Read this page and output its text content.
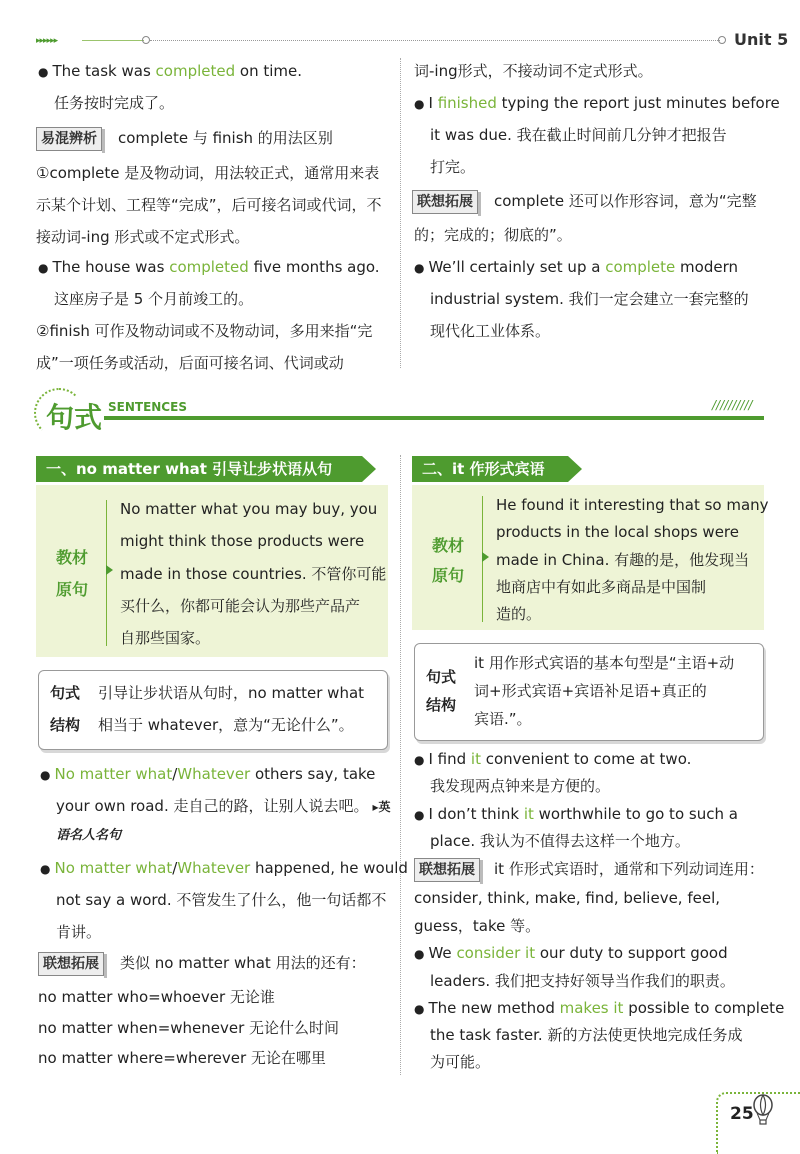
▸▸▸▸▸▸	Unit 5
● The task was completed on time.
任务按时完成了。
易混辨析	complete 与 finish 的用法区别
①complete 是及物动词，用法较正式，通常用来表
示某个计划、工程等“完成”，后可接名词或代词，不
接动词-ing 形式或不定式形式。
● The house was completed five months ago.
这座房子是 5 个月前竣工的。
②finish 可作及物动词或不及物动词，多用来指“完
成”一项任务或活动，后面可接名词、代词或动
词-ing形式，不接动词不定式形式。
● I finished typing the report just minutes before
it was due. 我在截止时间前几分钟才把报告
打完。
联想拓展	complete 还可以作形容词，意为“完整
的；完成的；彻底的”。
● We’ll certainly set up a complete modern
industrial system. 我们一定会建立一套完整的
现代化工业体系。
句式 SENTENCES	//////////
一、no matter what 引导让步状语从句
教材
原句
No matter what you may buy, you
might think those products were
made in those countries. 不管你可能
买什么，你都可能会认为那些产品产
自那些国家。
句式
结构
引导让步状语从句时，no matter what
相当于 whatever，意为“无论什么”。
● No matter what/Whatever others say, take
your own road. 走自己的路，让别人说去吧。 ▸英
语名人名句
● No matter what/Whatever happened, he would
not say a word. 不管发生了什么，他一句话都不
肯讲。
联想拓展	类似 no matter what 用法的还有：
no matter who=whoever 无论谁
no matter when=whenever 无论什么时间
no matter where=wherever 无论在哪里
二、it 作形式宾语
教材
原句
He found it interesting that so many
products in the local shops were
made in China. 有趣的是，他发现当
地商店中有如此多商品是中国制
造的。
句式
结构
it 用作形式宾语的基本句型是“主语+动
词+形式宾语+宾语补足语+真正的
宾语.”。
● I find it convenient to come at two.
我发现两点钟来是方便的。
● I don’t think it worthwhile to go to such a
place. 我认为不值得去这样一个地方。
联想拓展	it 作形式宾语时，通常和下列动词连用：
consider, think, make, find, believe, feel,
guess，take 等。
● We consider it our duty to support good
leaders. 我们把支持好领导当作我们的职责。
● The new method makes it possible to complete
the task faster. 新的方法使更快地完成任务成
为可能。
25
